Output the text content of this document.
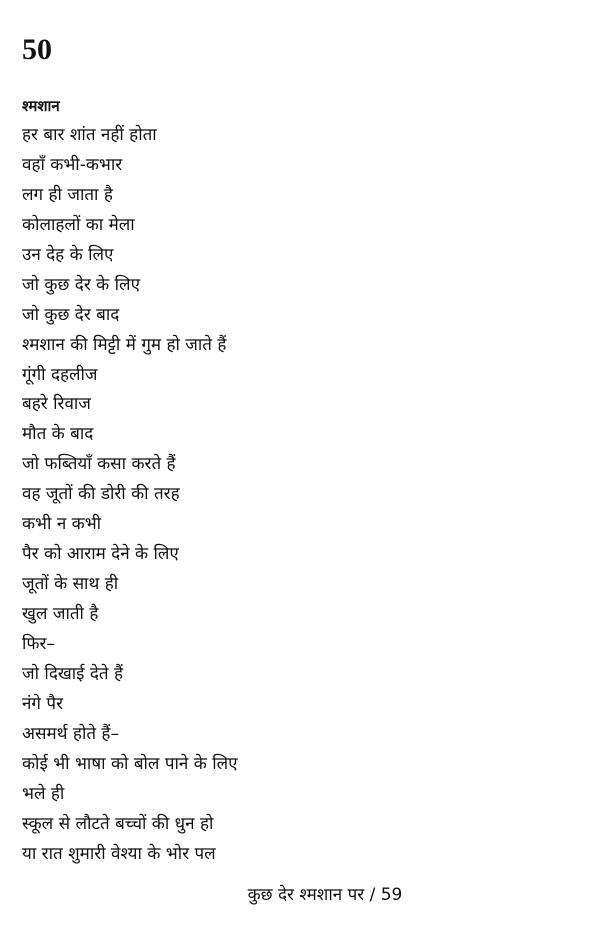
50
श्मशान
हर बार शांत नहीं होता
वहाँ कभी-कभार
लग ही जाता है
कोलाहलों का मेला
उन देह के लिए
जो कुछ देर के लिए
जो कुछ देर बाद
श्मशान की मिट्टी में गुम हो जाते हैं
गूंगी दहलीज
बहरे रिवाज
मौत के बाद
जो फब्तियाँ कसा करते हैं
वह जूतों की डोरी की तरह
कभी न कभी
पैर को आराम देने के लिए
जूतों के साथ ही
खुल जाती है
फिर–
जो दिखाई देते हैं
नंगे पैर
असमर्थ होते हैं–
कोई भी भाषा को बोल पाने के लिए
भले ही
स्कूल से लौटते बच्चों की धुन हो
या रात शुमारी वेश्या के भोर पल
कुछ देर श्मशान पर / 59
